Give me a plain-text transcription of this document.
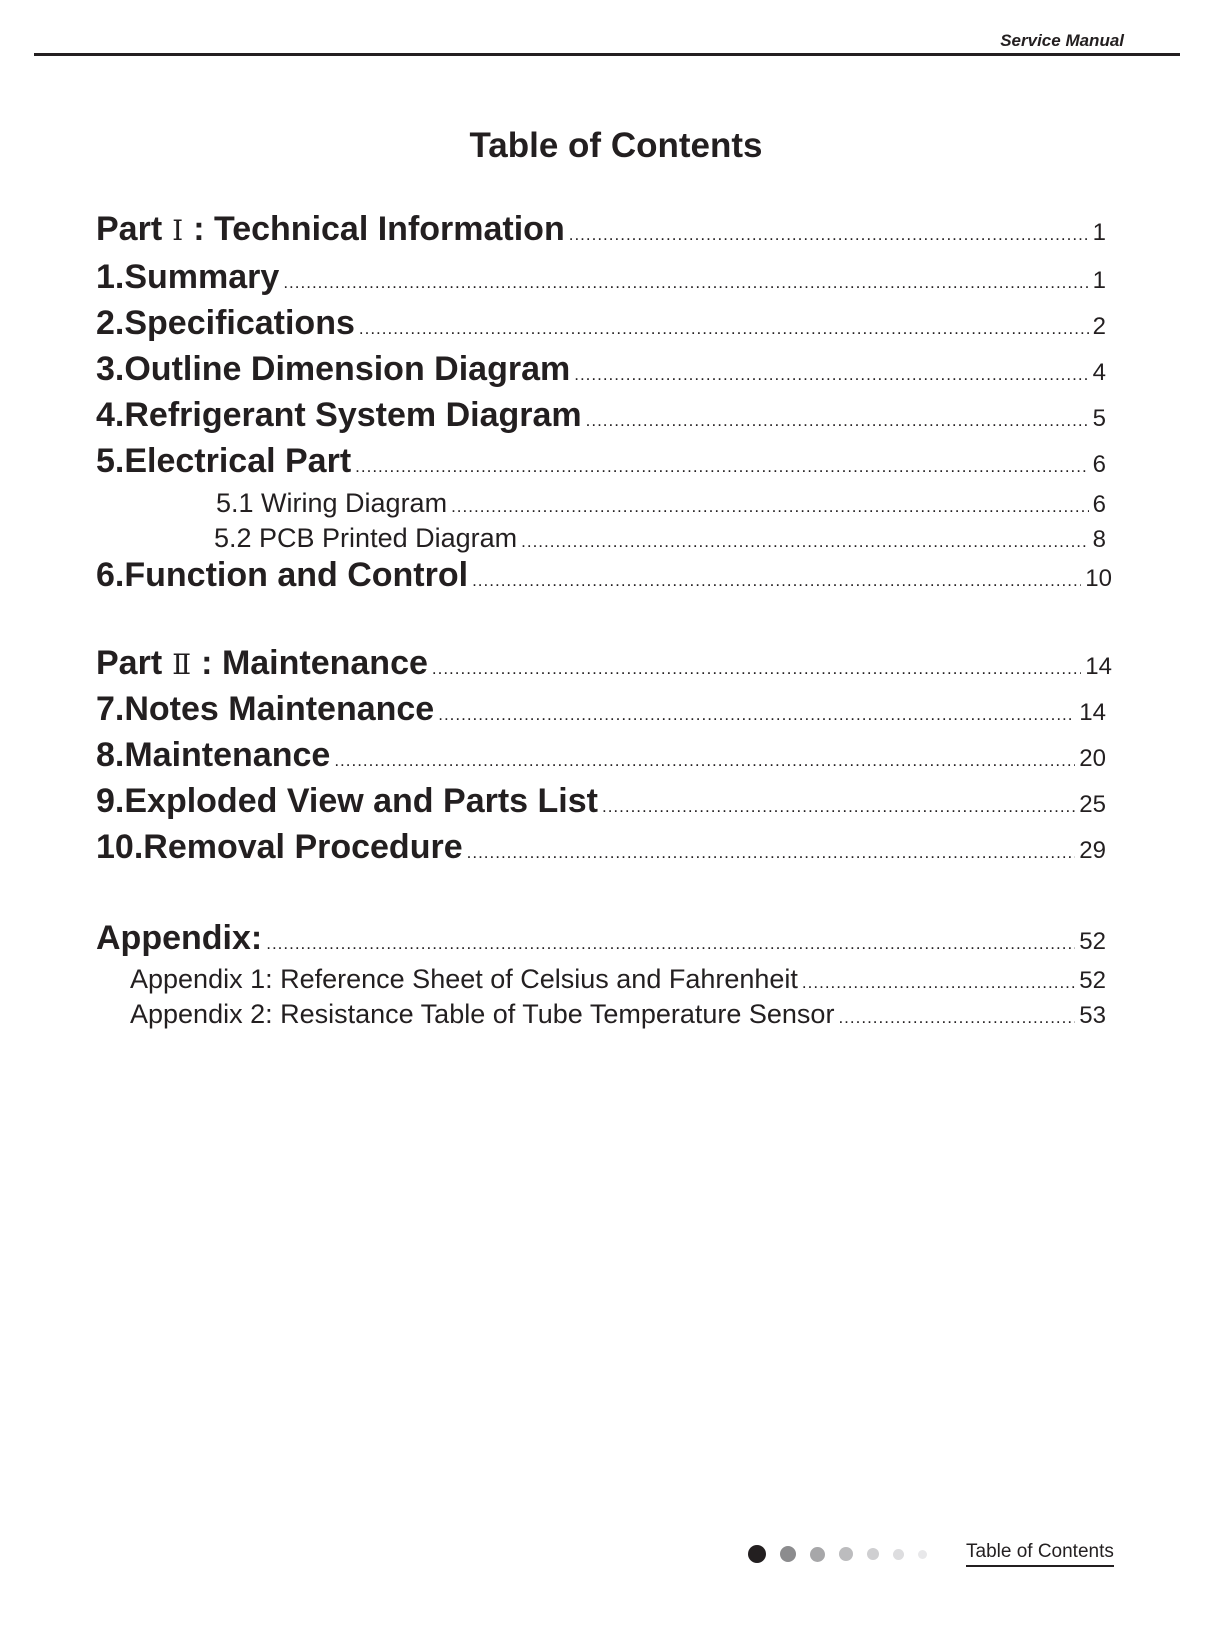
Service Manual
Table of Contents
Part Ⅰ : Technical Information .....	1
1.Summary .....	1
2.Specifications .....	2
3.Outline Dimension Diagram .....	4
4.Refrigerant System Diagram .....	5
5.Electrical Part .....	6
5.1 Wiring Diagram .....	6
5.2 PCB Printed Diagram .....	8
6.Function and Control .....	10
Part Ⅱ : Maintenance .....	14
7.Notes Maintenance .....	14
8.Maintenance .....	20
9.Exploded View and Parts List .....	25
10.Removal Procedure .....	29
Appendix: .....	52
Appendix 1: Reference Sheet of Celsius and Fahrenheit .....	52
Appendix 2: Resistance Table of Tube Temperature Sensor .....	53
Table of Contents
